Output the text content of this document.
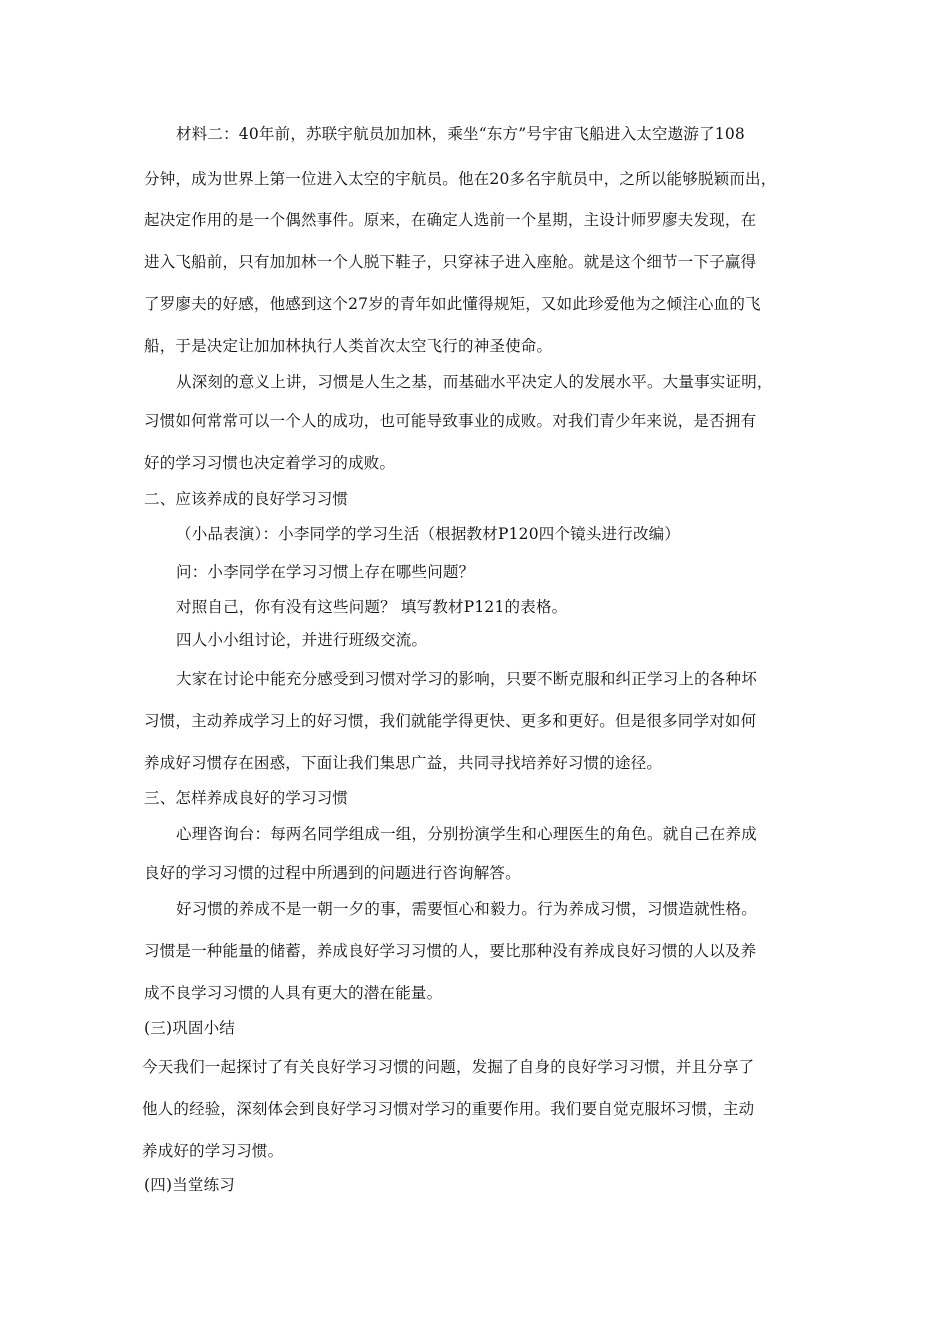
材料二：40年前，苏联宇航员加加林，乘坐“东方”号宇宙飞船进入太空遨游了108

分钟，成为世界上第一位进入太空的宇航员。他在20多名宇航员中，之所以能够脱颖而出，

起决定作用的是一个偶然事件。原来，在确定人选前一个星期，主设计师罗廖夫发现，在

进入飞船前，只有加加林一个人脱下鞋子，只穿袜子进入座舱。就是这个细节一下子赢得

了罗廖夫的好感，他感到这个27岁的青年如此懂得规矩，又如此珍爱他为之倾注心血的飞

船，于是决定让加加林执行人类首次太空飞行的神圣使命。

从深刻的意义上讲，习惯是人生之基，而基础水平决定人的发展水平。大量事实证明，

习惯如何常常可以一个人的成功，也可能导致事业的成败。对我们青少年来说，是否拥有

好的学习习惯也决定着学习的成败。

二、应该养成的良好学习习惯

（小品表演）：小李同学的学习生活（根据教材P120四个镜头进行改编）

问：小李同学在学习习惯上存在哪些问题？

对照自己，你有没有这些问题？ 填写教材P121的表格。

四人小小组讨论，并进行班级交流。

大家在讨论中能充分感受到习惯对学习的影响，只要不断克服和纠正学习上的各种坏

习惯，主动养成学习上的好习惯，我们就能学得更快、更多和更好。但是很多同学对如何

养成好习惯存在困惑，下面让我们集思广益，共同寻找培养好习惯的途径。

三、怎样养成良好的学习习惯

心理咨询台：每两名同学组成一组，分别扮演学生和心理医生的角色。就自己在养成

良好的学习习惯的过程中所遇到的问题进行咨询解答。

好习惯的养成不是一朝一夕的事，需要恒心和毅力。行为养成习惯，习惯造就性格。

习惯是一种能量的储蓄，养成良好学习习惯的人，要比那种没有养成良好习惯的人以及养

成不良学习习惯的人具有更大的潜在能量。

(三)巩固小结

今天我们一起探讨了有关良好学习习惯的问题，发掘了自身的良好学习习惯，并且分享了

他人的经验，深刻体会到良好学习习惯对学习的重要作用。我们要自觉克服坏习惯，主动

养成好的学习习惯。

(四)当堂练习
